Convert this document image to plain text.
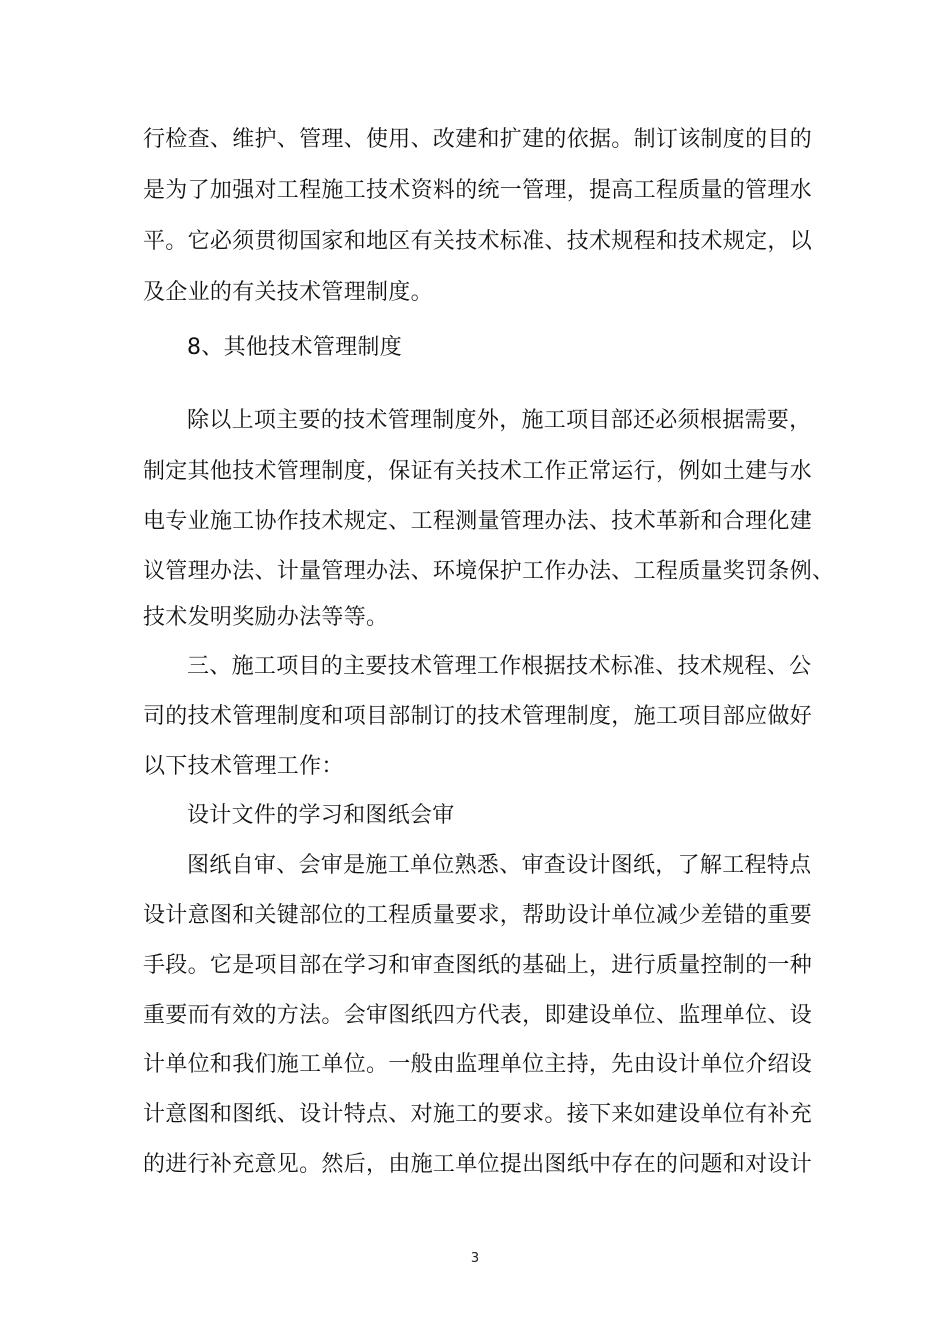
行检查、维护、管理、使用、改建和扩建的依据。制订该制度的目的
是为了加强对工程施工技术资料的统一管理，提高工程质量的管理水
平。它必须贯彻国家和地区有关技术标准、技术规程和技术规定，以
及企业的有关技术管理制度。
8、其他技术管理制度
除以上项主要的技术管理制度外，施工项目部还必须根据需要，
制定其他技术管理制度，保证有关技术工作正常运行，例如土建与水
电专业施工协作技术规定、工程测量管理办法、技术革新和合理化建
议管理办法、计量管理办法、环境保护工作办法、工程质量奖罚条例、
技术发明奖励办法等等。
三、施工项目的主要技术管理工作根据技术标准、技术规程、公
司的技术管理制度和项目部制订的技术管理制度，施工项目部应做好
以下技术管理工作：
设计文件的学习和图纸会审
图纸自审、会审是施工单位熟悉、审查设计图纸，了解工程特点
设计意图和关键部位的工程质量要求，帮助设计单位减少差错的重要
手段。它是项目部在学习和审查图纸的基础上，进行质量控制的一种
重要而有效的方法。会审图纸四方代表，即建设单位、监理单位、设
计单位和我们施工单位。一般由监理单位主持，先由设计单位介绍设
计意图和图纸、设计特点、对施工的要求。接下来如建设单位有补充
的进行补充意见。然后，由施工单位提出图纸中存在的问题和对设计
3
